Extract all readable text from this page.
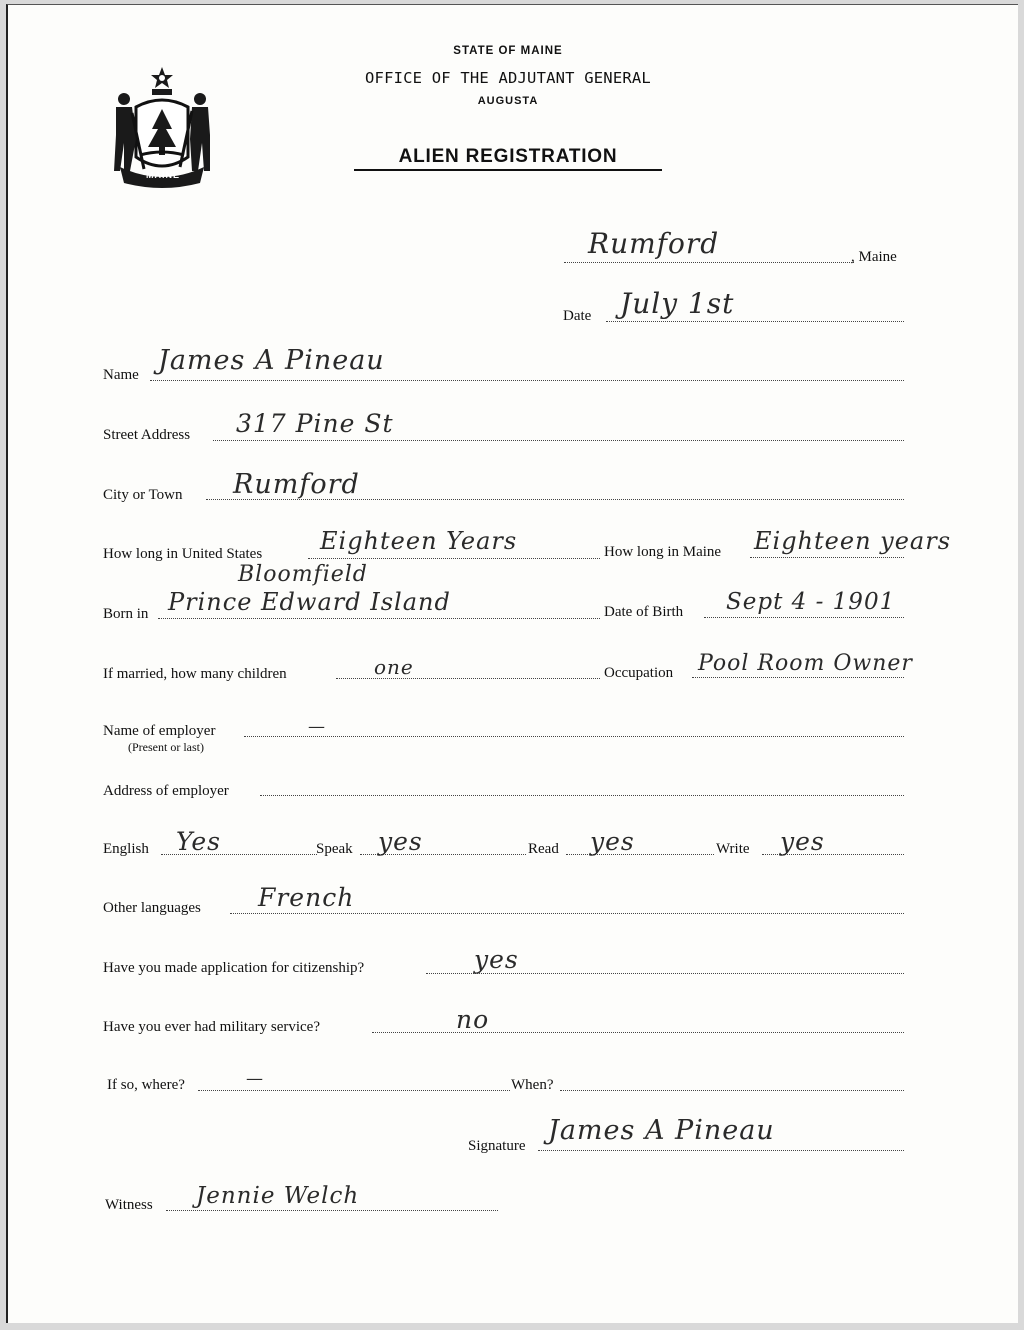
MAINE
STATE OF MAINE
OFFICE OF THE ADJUTANT GENERAL
AUGUSTA
ALIEN REGISTRATION
Rumford	, Maine
Date July 1st
Name James A Pineau
Street Address 317 Pine St
City or Town Rumford
How long in United States Eighteen Years	How long in Maine Eighteen years
Bloomfield
Born in Prince Edward Island	Date of Birth Sept 4 - 1901
If married, how many children	one	Occupation Pool Room Owner
Name of employer
(Present or last)
—
Address of employer
English Yes	Speak yes	Read yes	Write yes
Other languages French
Have you made application for citizenship?	yes
Have you ever had military service?	no
If so, where?	—	When?
Signature James A Pineau
Witness Jennie Welch
